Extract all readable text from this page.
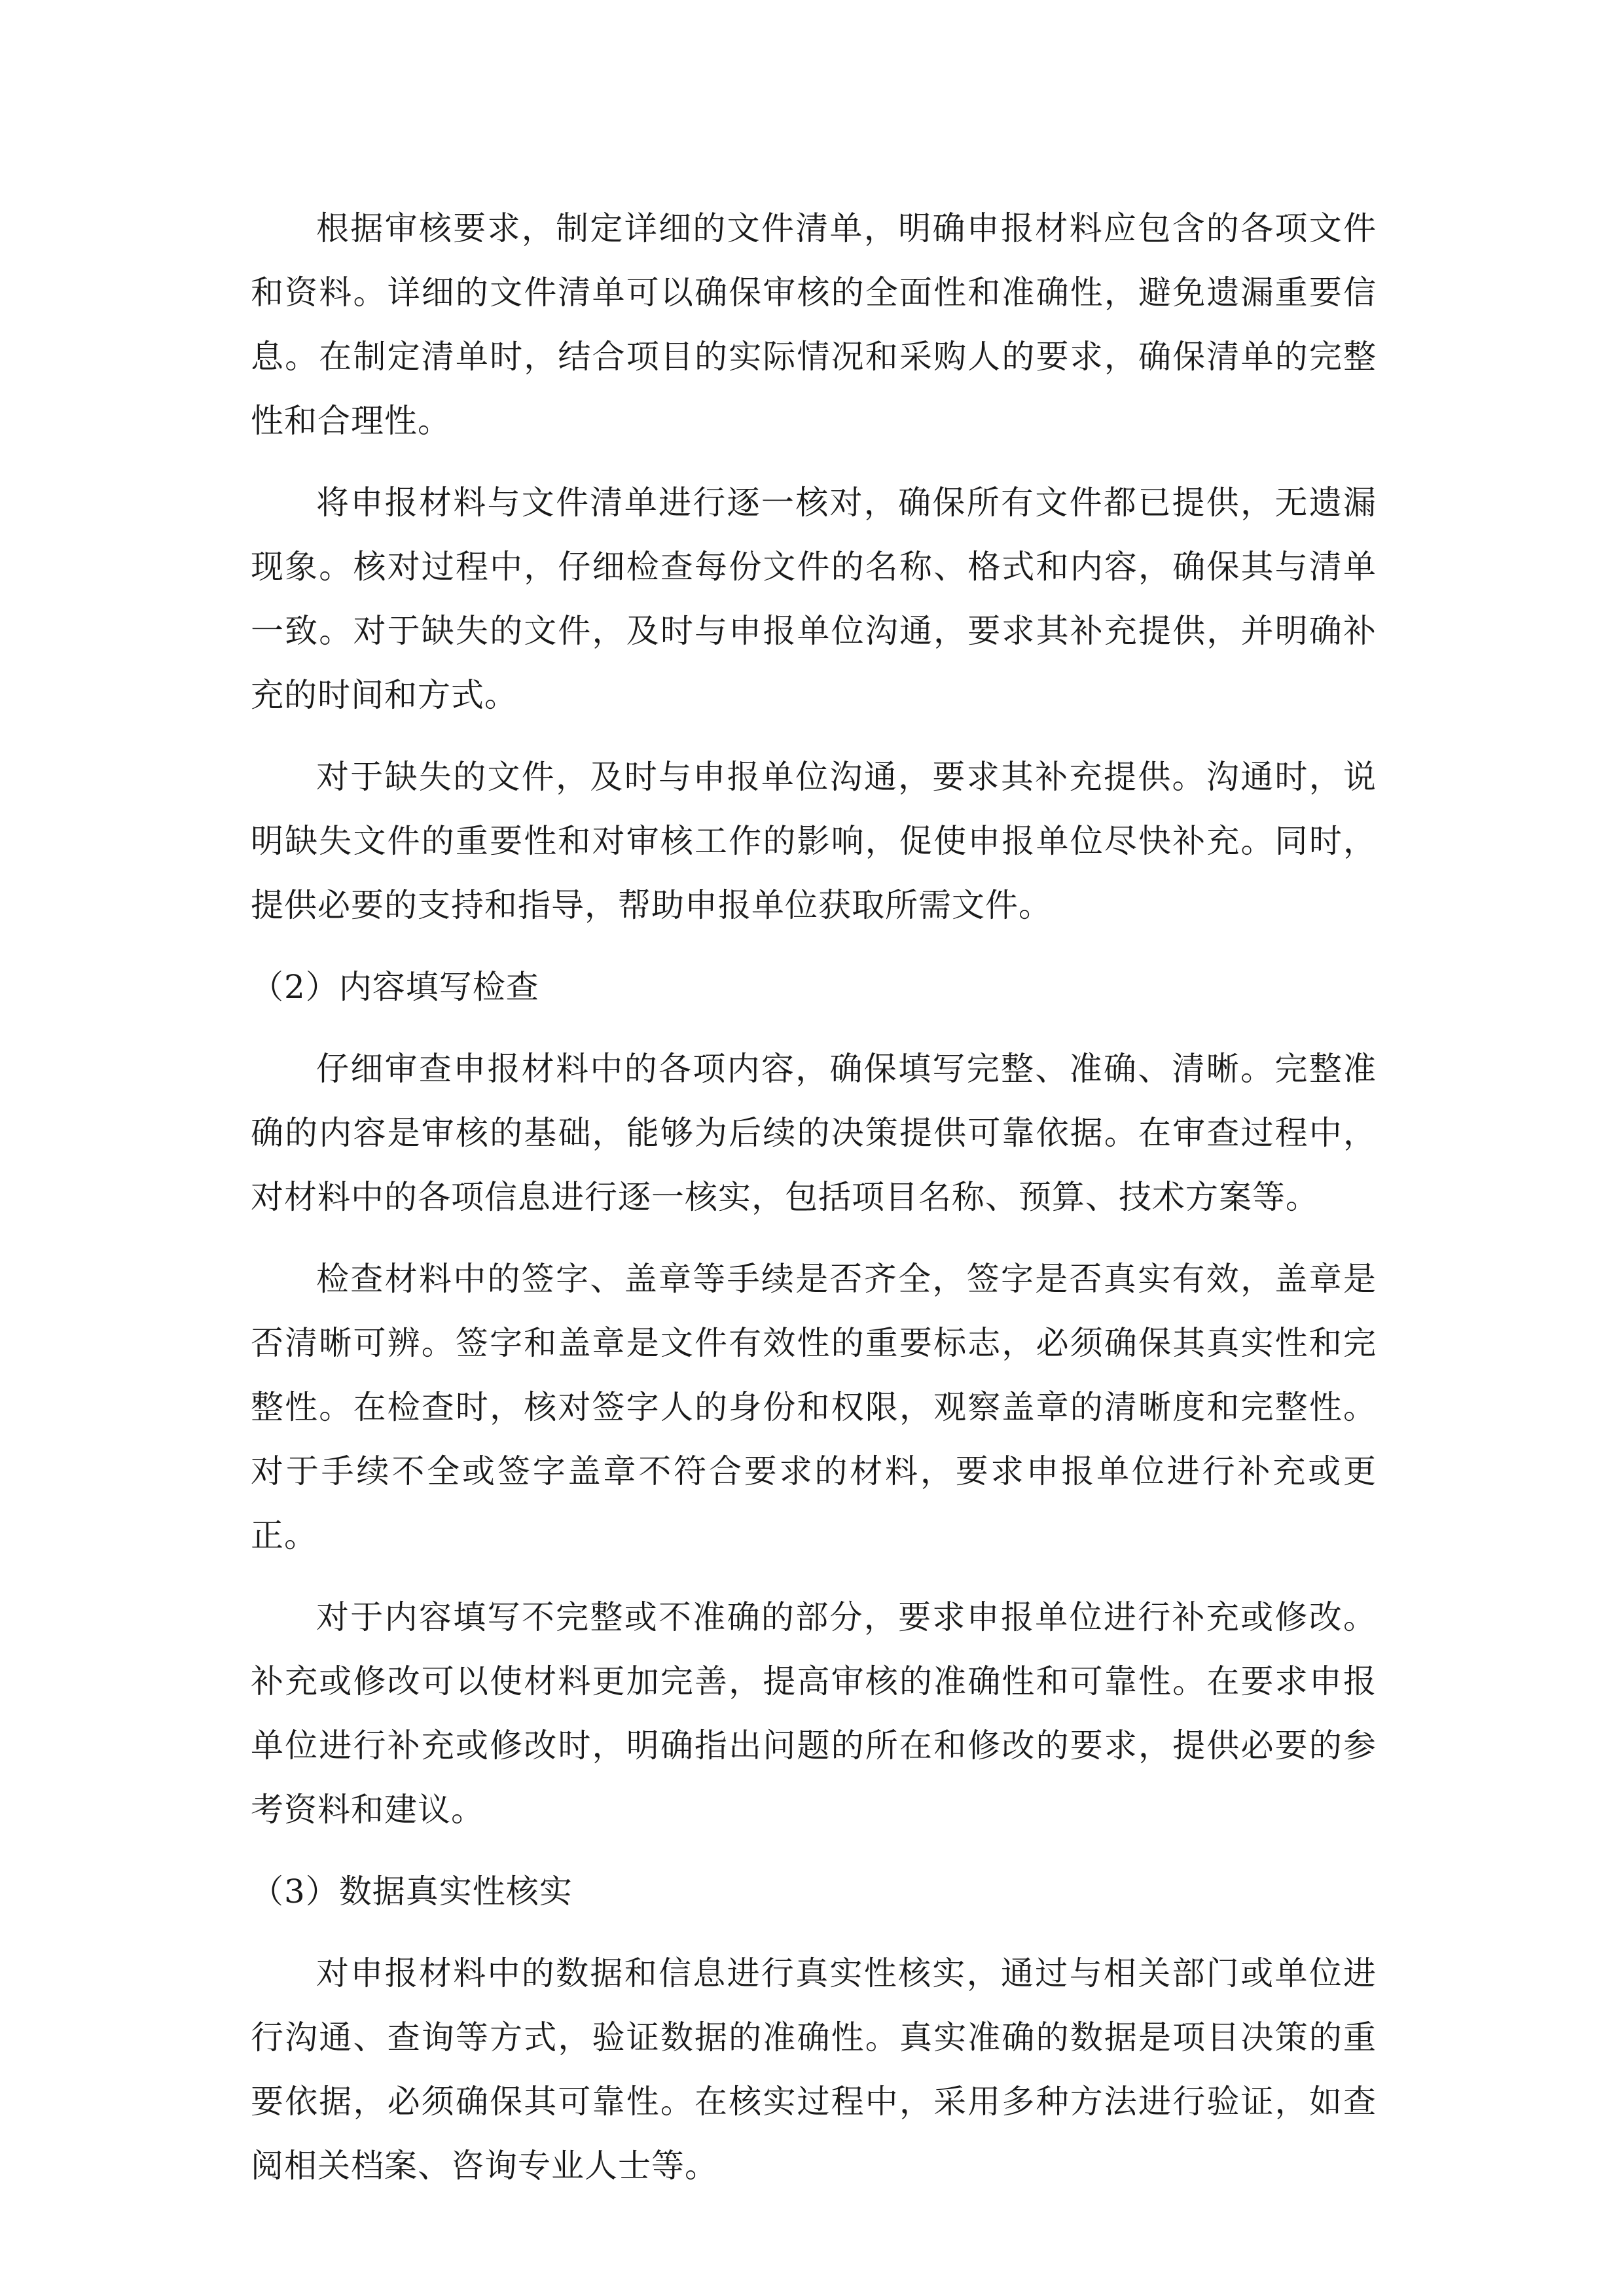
根据审核要求，制定详细的文件清单，明确申报材料应包含的各项文件和资料。详细的文件清单可以确保审核的全面性和准确性，避免遗漏重要信息。在制定清单时，结合项目的实际情况和采购人的要求，确保清单的完整性和合理性。

将申报材料与文件清单进行逐一核对，确保所有文件都已提供，无遗漏现象。核对过程中，仔细检查每份文件的名称、格式和内容，确保其与清单一致。对于缺失的文件，及时与申报单位沟通，要求其补充提供，并明确补充的时间和方式。

对于缺失的文件，及时与申报单位沟通，要求其补充提供。沟通时，说明缺失文件的重要性和对审核工作的影响，促使申报单位尽快补充。同时，提供必要的支持和指导，帮助申报单位获取所需文件。

（2）内容填写检查

仔细审查申报材料中的各项内容，确保填写完整、准确、清晰。完整准确的内容是审核的基础，能够为后续的决策提供可靠依据。在审查过程中，对材料中的各项信息进行逐一核实，包括项目名称、预算、技术方案等。

检查材料中的签字、盖章等手续是否齐全，签字是否真实有效，盖章是否清晰可辨。签字和盖章是文件有效性的重要标志，必须确保其真实性和完整性。在检查时，核对签字人的身份和权限，观察盖章的清晰度和完整性。对于手续不全或签字盖章不符合要求的材料，要求申报单位进行补充或更正。

对于内容填写不完整或不准确的部分，要求申报单位进行补充或修改。补充或修改可以使材料更加完善，提高审核的准确性和可靠性。在要求申报单位进行补充或修改时，明确指出问题的所在和修改的要求，提供必要的参考资料和建议。

（3）数据真实性核实

对申报材料中的数据和信息进行真实性核实，通过与相关部门或单位进行沟通、查询等方式，验证数据的准确性。真实准确的数据是项目决策的重要依据，必须确保其可靠性。在核实过程中，采用多种方法进行验证，如查阅相关档案、咨询专业人士等。
